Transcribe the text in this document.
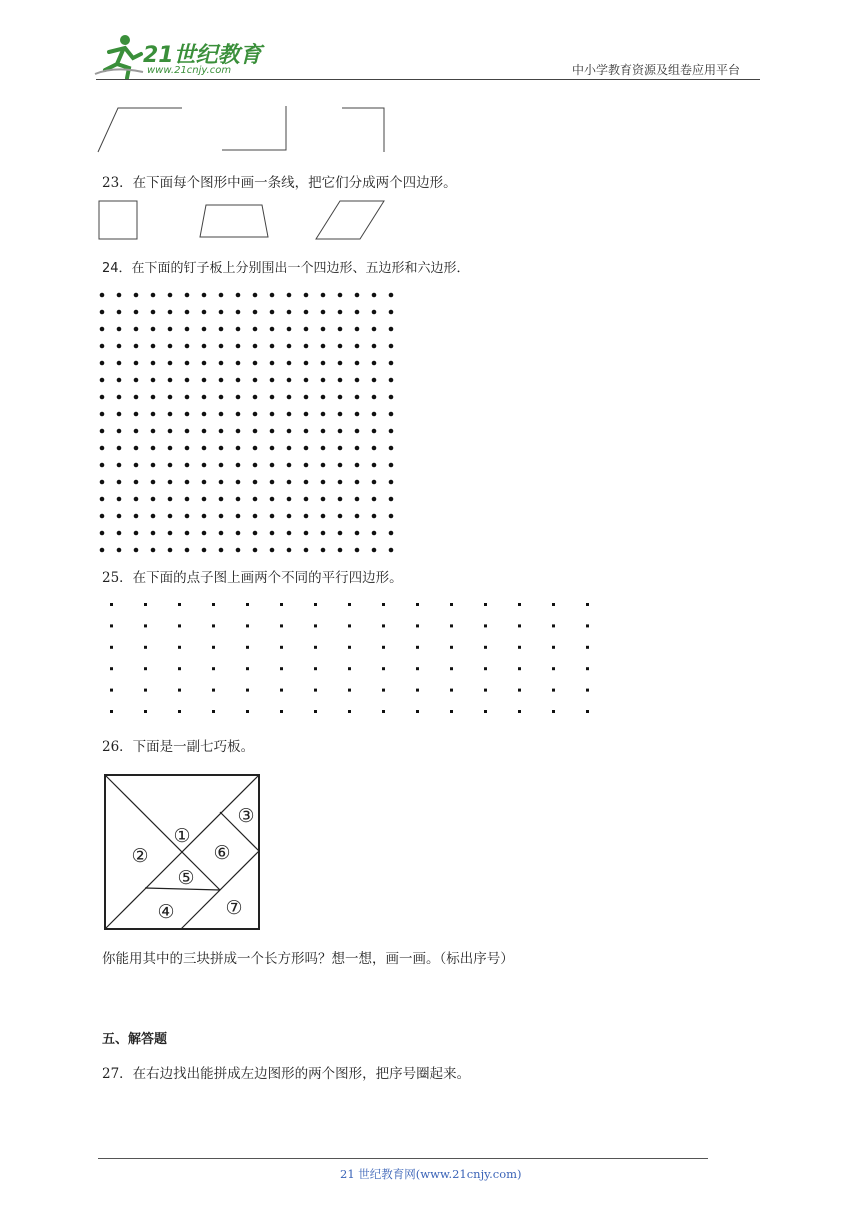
21世纪教育
www.21cnjy.com	中小学教育资源及组卷应用平台
23．在下面每个图形中画一条线，把它们分成两个四边形。
24．在下面的钉子板上分别围出一个四边形、五边形和六边形．
25．在下面的点子图上画两个不同的平行四边形。
26．下面是一副七巧板。
①
②
③
④
⑤
⑥
⑦
你能用其中的三块拼成一个长方形吗？想一想，画一画。（标出序号）
五、解答题
27．在右边找出能拼成左边图形的两个图形，把序号圈起来。
21 世纪教育网(www.21cnjy.com)
